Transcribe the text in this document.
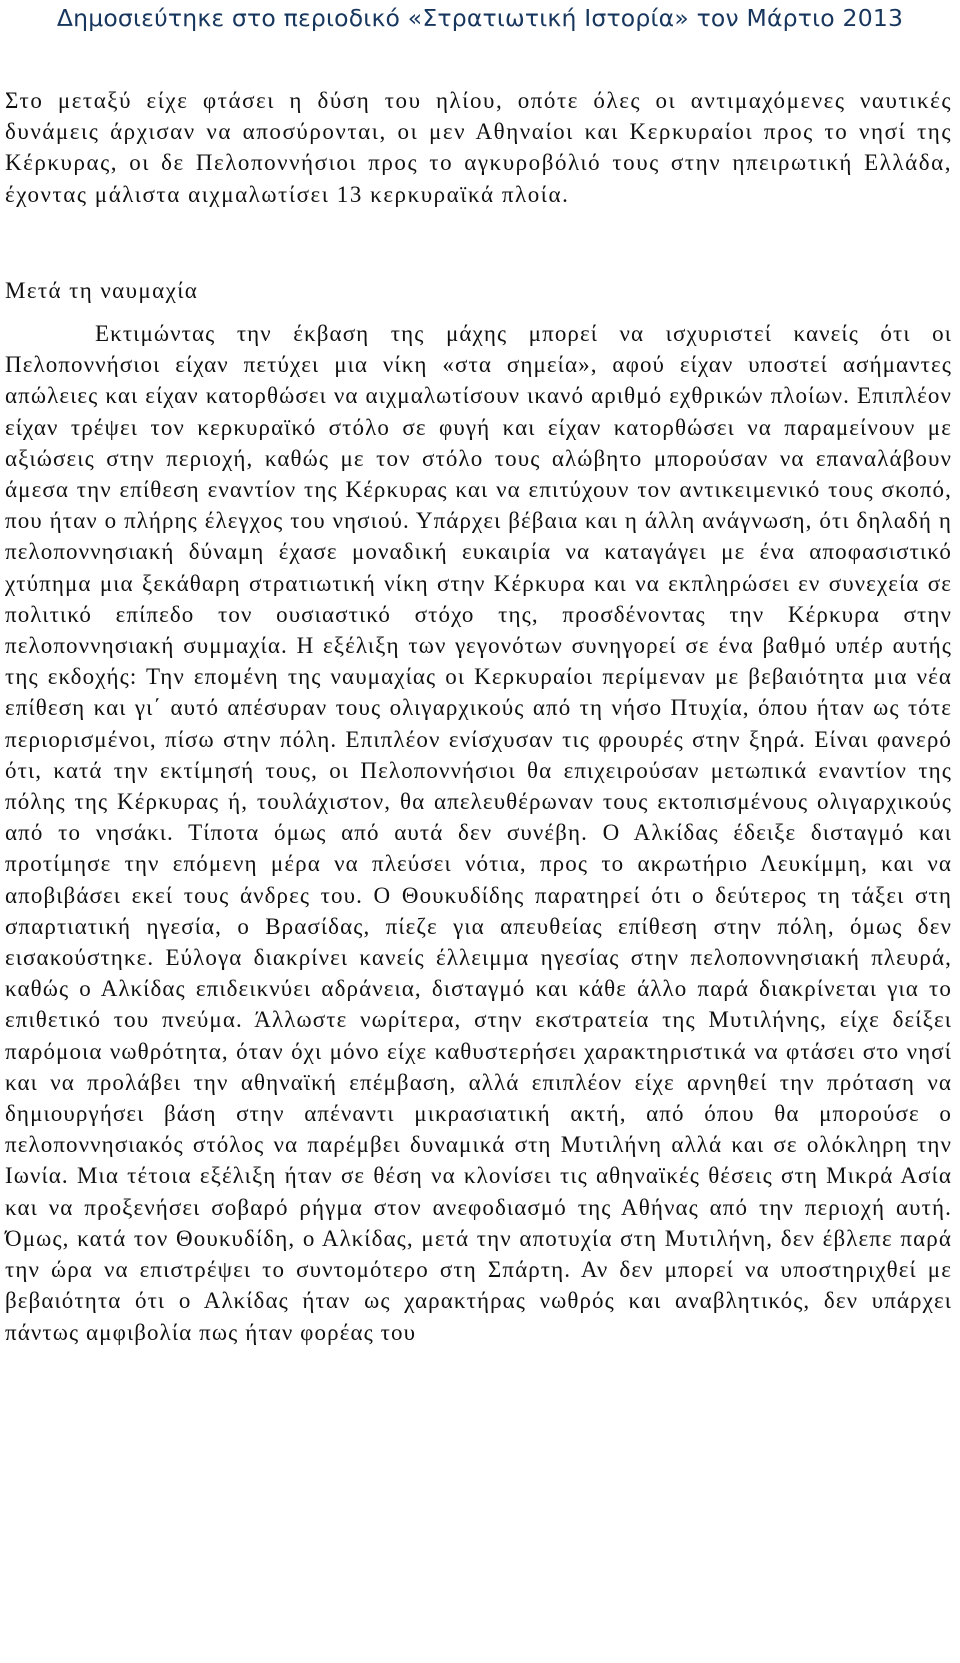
Δημοσιεύτηκε στο περιοδικό «Στρατιωτική Ιστορία» τον Μάρτιο 2013
Στο μεταξύ είχε φτάσει η δύση του ηλίου, οπότε όλες οι αντιμαχόμενες ναυτικές δυνάμεις άρχισαν να αποσύρονται, οι μεν Αθηναίοι και Κερκυραίοι προς το νησί της Κέρκυρας, οι δε Πελοποννήσιοι προς το αγκυροβόλιό τους στην ηπειρωτική Ελλάδα, έχοντας μάλιστα αιχμαλωτίσει 13 κερκυραϊκά πλοία.
Μετά τη ναυμαχία
Εκτιμώντας την έκβαση της μάχης μπορεί να ισχυριστεί κανείς ότι οι Πελοποννήσιοι είχαν πετύχει μια νίκη «στα σημεία», αφού είχαν υποστεί ασήμαντες απώλειες και είχαν κατορθώσει να αιχμαλωτίσουν ικανό αριθμό εχθρικών πλοίων. Επιπλέον είχαν τρέψει τον κερκυραϊκό στόλο σε φυγή και είχαν κατορθώσει να παραμείνουν με αξιώσεις στην περιοχή, καθώς με τον στόλο τους αλώβητο μπορούσαν να επαναλάβουν άμεσα την επίθεση εναντίον της Κέρκυρας και να επιτύχουν τον αντικειμενικό τους σκοπό, που ήταν ο πλήρης έλεγχος του νησιού. Υπάρχει βέβαια και η άλλη ανάγνωση, ότι δηλαδή η πελοποννησιακή δύναμη έχασε μοναδική ευκαιρία να καταγάγει με ένα αποφασιστικό χτύπημα μια ξεκάθαρη στρατιωτική νίκη στην Κέρκυρα και να εκπληρώσει εν συνεχεία σε πολιτικό επίπεδο τον ουσιαστικό στόχο της, προσδένοντας την Κέρκυρα στην πελοποννησιακή συμμαχία. Η εξέλιξη των γεγονότων συνηγορεί σε ένα βαθμό υπέρ αυτής της εκδοχής: Την επομένη της ναυμαχίας οι Κερκυραίοι περίμεναν με βεβαιότητα μια νέα επίθεση και γι΄ αυτό απέσυραν τους ολιγαρχικούς από τη νήσο Πτυχία, όπου ήταν ως τότε περιορισμένοι, πίσω στην πόλη. Επιπλέον ενίσχυσαν τις φρουρές στην ξηρά. Είναι φανερό ότι, κατά την εκτίμησή τους, οι Πελοποννήσιοι θα επιχειρούσαν μετωπικά εναντίον της πόλης της Κέρκυρας ή, τουλάχιστον, θα απελευθέρωναν τους εκτοπισμένους ολιγαρχικούς από το νησάκι. Τίποτα όμως από αυτά δεν συνέβη. Ο Αλκίδας έδειξε δισταγμό και προτίμησε την επόμενη μέρα να πλεύσει νότια, προς το ακρωτήριο Λευκίμμη, και να αποβιβάσει εκεί τους άνδρες του. Ο Θουκυδίδης παρατηρεί ότι ο δεύτερος τη τάξει στη σπαρτιατική ηγεσία, ο Βρασίδας, πίεζε για απευθείας επίθεση στην πόλη, όμως δεν εισακούστηκε. Εύλογα διακρίνει κανείς έλλειμμα ηγεσίας στην πελοποννησιακή πλευρά, καθώς ο Αλκίδας επιδεικνύει αδράνεια, δισταγμό και κάθε άλλο παρά διακρίνεται για το επιθετικό του πνεύμα. Άλλωστε νωρίτερα, στην εκστρατεία της Μυτιλήνης, είχε δείξει παρόμοια νωθρότητα, όταν όχι μόνο είχε καθυστερήσει χαρακτηριστικά να φτάσει στο νησί και να προλάβει την αθηναϊκή επέμβαση, αλλά επιπλέον είχε αρνηθεί την πρόταση να δημιουργήσει βάση στην απέναντι μικρασιατική ακτή, από όπου θα μπορούσε ο πελοποννησιακός στόλος να παρέμβει δυναμικά στη Μυτιλήνη αλλά και σε ολόκληρη την Ιωνία. Μια τέτοια εξέλιξη ήταν σε θέση να κλονίσει τις αθηναϊκές θέσεις στη Μικρά Ασία και να προξενήσει σοβαρό ρήγμα στον ανεφοδιασμό της Αθήνας από την περιοχή αυτή. Όμως, κατά τον Θουκυδίδη, ο Αλκίδας, μετά την αποτυχία στη Μυτιλήνη, δεν έβλεπε παρά την ώρα να επιστρέψει το συντομότερο στη Σπάρτη. Αν δεν μπορεί να υποστηριχθεί με βεβαιότητα ότι ο Αλκίδας ήταν ως χαρακτήρας νωθρός και αναβλητικός, δεν υπάρχει πάντως αμφιβολία πως ήταν φορέας του
